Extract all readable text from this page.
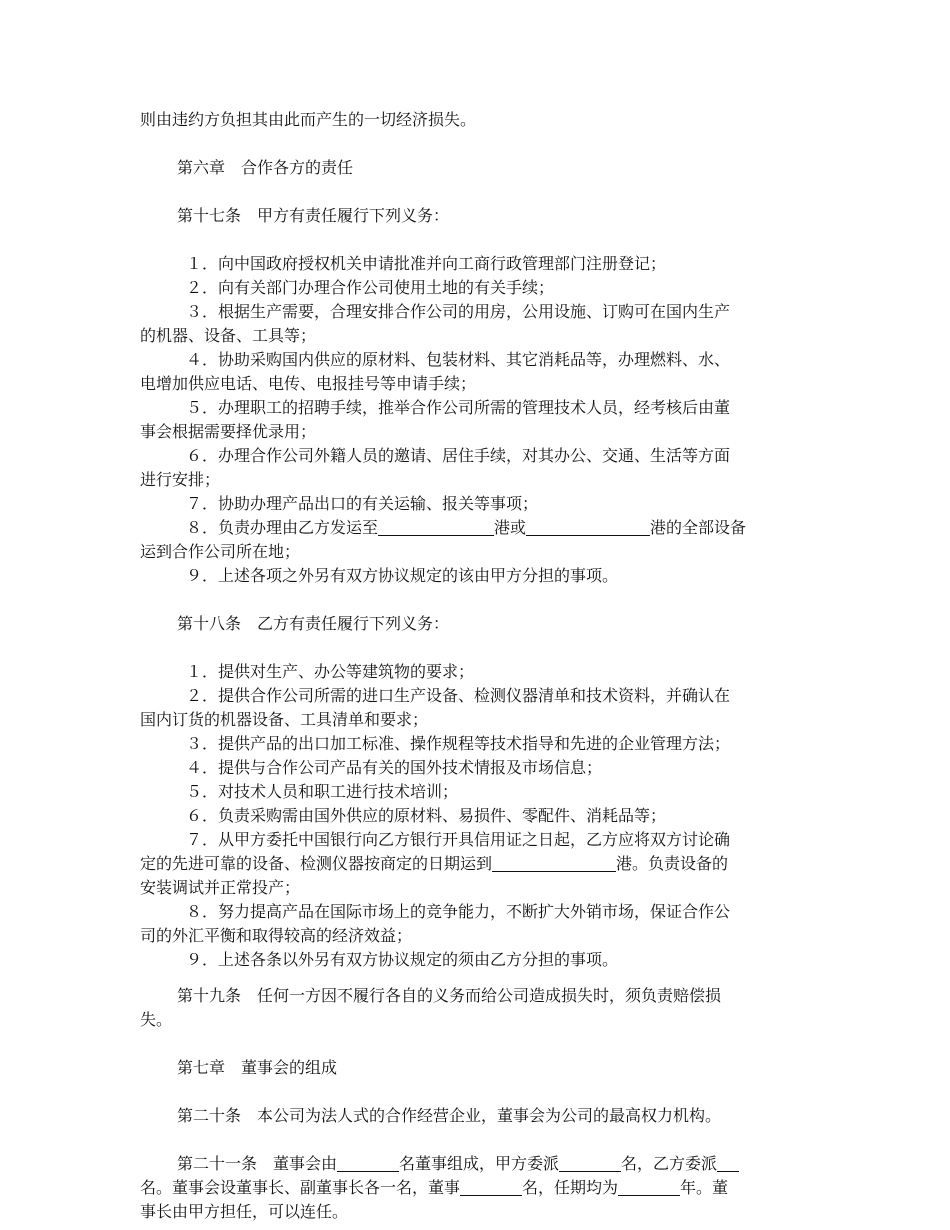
则由违约方负担其由此而产生的一切经济损失。
第六章　合作各方的责任
第十七条　甲方有责任履行下列义务：
１．向中国政府授权机关申请批准并向工商行政管理部门注册登记；
２．向有关部门办理合作公司使用土地的有关手续；
３．根据生产需要，合理安排合作公司的用房，公用设施、订购可在国内生产
的机器、设备、工具等；
４．协助采购国内供应的原材料、包装材料、其它消耗品等，办理燃料、水、
电增加供应电话、电传、电报挂号等申请手续；
５．办理职工的招聘手续，推举合作公司所需的管理技术人员，经考核后由董
事会根据需要择优录用；
６．办理合作公司外籍人员的邀请、居住手续，对其办公、交通、生活等方面
进行安排；
７．协助办理产品出口的有关运输、报关等事项；
８．负责办理由乙方发运至	港或	港的全部设备
运到合作公司所在地；
９．上述各项之外另有双方协议规定的该由甲方分担的事项。
第十八条　乙方有责任履行下列义务：
１．提供对生产、办公等建筑物的要求；
２．提供合作公司所需的进口生产设备、检测仪器清单和技术资料，并确认在
国内订货的机器设备、工具清单和要求；
３．提供产品的出口加工标准、操作规程等技术指导和先进的企业管理方法；
４．提供与合作公司产品有关的国外技术情报及市场信息；
５．对技术人员和职工进行技术培训；
６．负责采购需由国外供应的原材料、易损件、零配件、消耗品等；
７．从甲方委托中国银行向乙方银行开具信用证之日起，乙方应将双方讨论确
定的先进可靠的设备、检测仪器按商定的日期运到	港。负责设备的
安装调试并正常投产；
８．努力提高产品在国际市场上的竞争能力，不断扩大外销市场，保证合作公
司的外汇平衡和取得较高的经济效益；
９．上述各条以外另有双方协议规定的须由乙方分担的事项。
第十九条　任何一方因不履行各自的义务而给公司造成损失时，须负责赔偿损
失。
第七章　董事会的组成
第二十条　本公司为法人式的合作经营企业，董事会为公司的最高权力机构。
第二十一条　董事会由	名董事组成，甲方委派	名，乙方委派
名。董事会设董事长、副董事长各一名，董事	名，任期均为	年。董
事长由甲方担任，可以连任。
